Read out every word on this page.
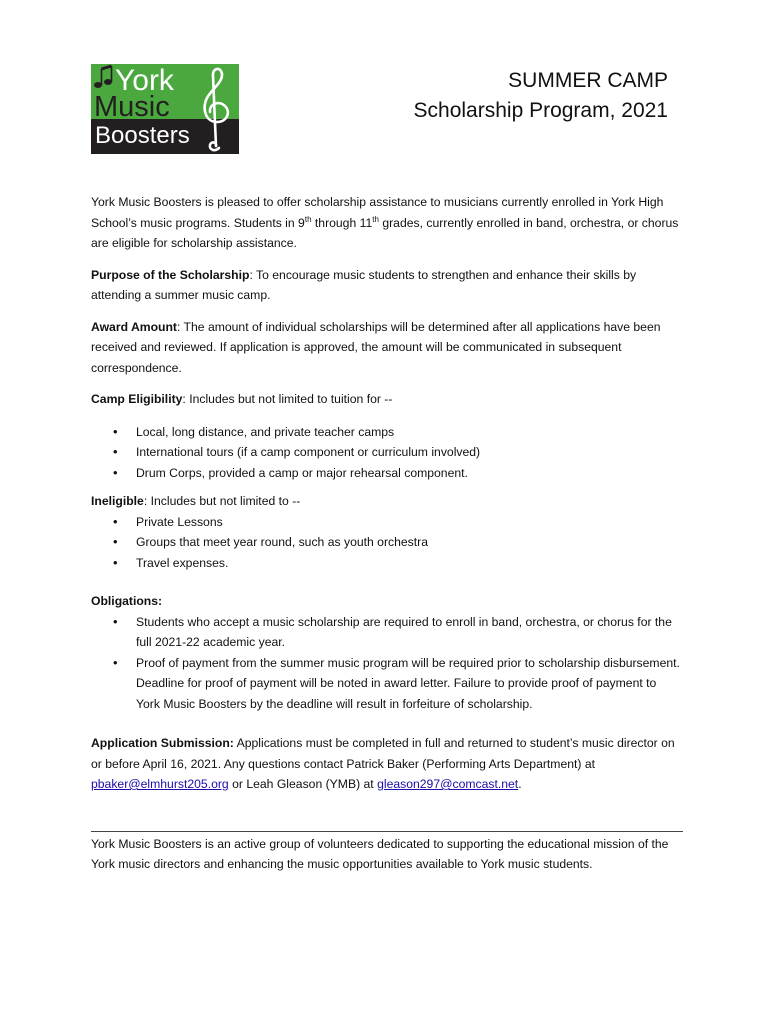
York
Music
Boosters
SUMMER CAMP
Scholarship Program, 2021

York Music Boosters is pleased to offer scholarship assistance to musicians currently enrolled in York High School’s music programs. Students in 9th through 11th grades, currently enrolled in band, orchestra, or chorus are eligible for scholarship assistance.

Purpose of the Scholarship: To encourage music students to strengthen and enhance their skills by attending a summer music camp.

Award Amount: The amount of individual scholarships will be determined after all applications have been received and reviewed. If application is approved, the amount will be communicated in subsequent correspondence.

Camp Eligibility: Includes but not limited to tuition for --

• Local, long distance, and private teacher camps
• International tours (if a camp component or curriculum involved)
• Drum Corps, provided a camp or major rehearsal component.

Ineligible: Includes but not limited to --

• Private Lessons
• Groups that meet year round, such as youth orchestra
• Travel expenses.

Obligations:

• Students who accept a music scholarship are required to enroll in band, orchestra, or chorus for the full 2021-22 academic year.
• Proof of payment from the summer music program will be required prior to scholarship disbursement. Deadline for proof of payment will be noted in award letter. Failure to provide proof of payment to York Music Boosters by the deadline will result in forfeiture of scholarship.

Application Submission: Applications must be completed in full and returned to student’s music director on or before April 16, 2021. Any questions contact Patrick Baker (Performing Arts Department) at pbaker@elmhurst205.org or Leah Gleason (YMB) at gleason297@comcast.net.

York Music Boosters is an active group of volunteers dedicated to supporting the educational mission of the York music directors and enhancing the music opportunities available to York music students.
